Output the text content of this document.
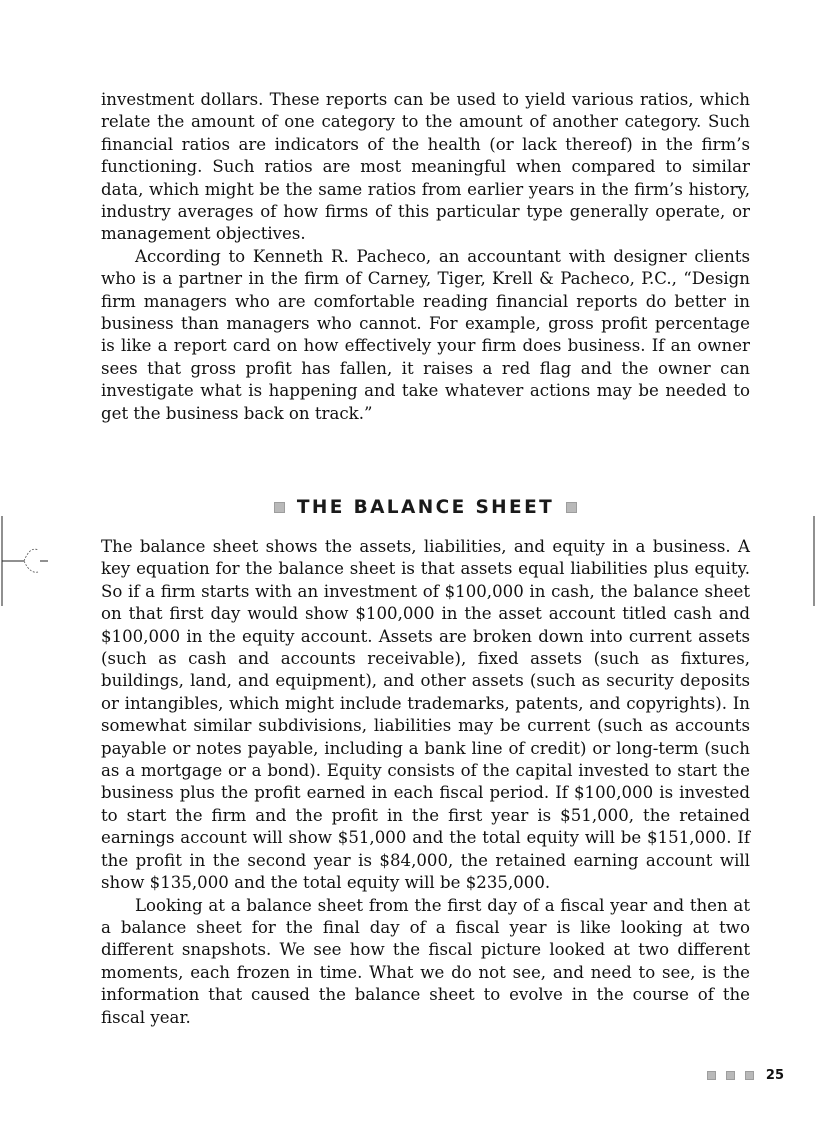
investment dollars. These reports can be used to yield various ratios, which relate the amount of one category to the amount of another category. Such financial ratios are indicators of the health (or lack thereof) in the firm’s functioning. Such ratios are most meaningful when compared to similar data, which might be the same ratios from earlier years in the firm’s history, industry averages of how firms of this particular type generally operate, or management objectives.

According to Kenneth R. Pacheco, an accountant with designer clients who is a partner in the firm of Carney, Tiger, Krell & Pacheco, P.C., “Design firm managers who are comfortable reading financial reports do better in business than managers who cannot. For example, gross profit percentage is like a report card on how effectively your firm does business. If an owner sees that gross profit has fallen, it raises a red flag and the owner can investigate what is happening and take whatever actions may be needed to get the business back on track.”

THE BALANCE SHEET

The balance sheet shows the assets, liabilities, and equity in a business. A key equation for the balance sheet is that assets equal liabilities plus equity. So if a firm starts with an investment of $100,000 in cash, the balance sheet on that first day would show $100,000 in the asset account titled cash and $100,000 in the equity account. Assets are broken down into current assets (such as cash and accounts receivable), fixed assets (such as fixtures, buildings, land, and equipment), and other assets (such as security deposits or intangibles, which might include trademarks, patents, and copyrights). In somewhat similar subdivisions, liabilities may be current (such as accounts payable or notes payable, including a bank line of credit) or long-term (such as a mortgage or a bond). Equity consists of the capital invested to start the business plus the profit earned in each fiscal period. If $100,000 is invested to start the firm and the profit in the first year is $51,000, the retained earnings account will show $51,000 and the total equity will be $151,000. If the profit in the second year is $84,000, the retained earning account will show $135,000 and the total equity will be $235,000.

Looking at a balance sheet from the first day of a fiscal year and then at a balance sheet for the final day of a fiscal year is like looking at two different snapshots. We see how the fiscal picture looked at two different moments, each frozen in time. What we do not see, and need to see, is the information that caused the balance sheet to evolve in the course of the fiscal year.

25
